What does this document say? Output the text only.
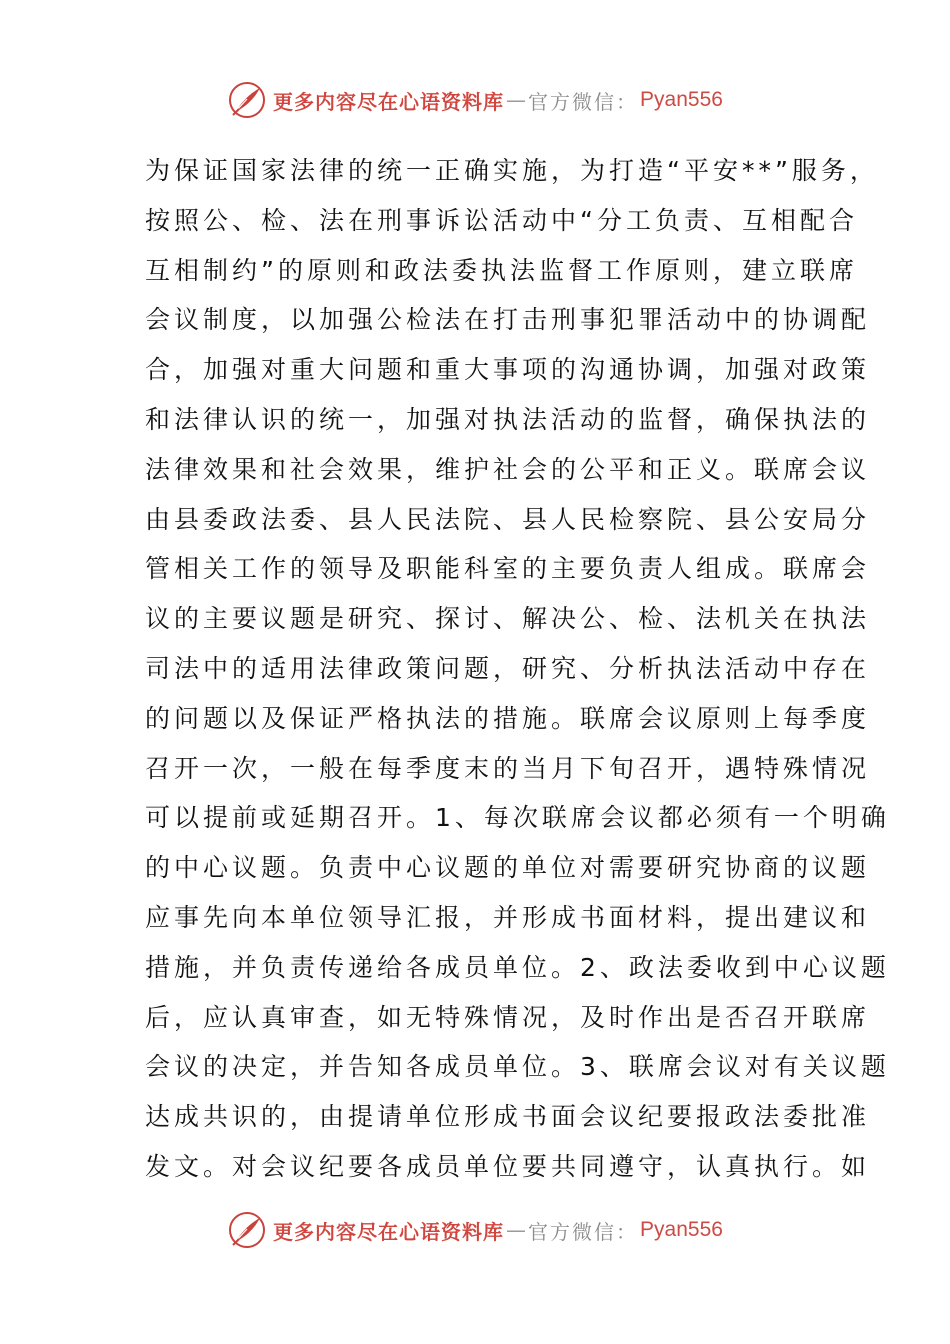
更多内容尽在心语资料库 — 官方微信： Pyan556
为保证国家法律的统一正确实施，为打造“平安**”服务，
按照公、检、法在刑事诉讼活动中“分工负责、互相配合
互相制约”的原则和政法委执法监督工作原则，建立联席
会议制度，以加强公检法在打击刑事犯罪活动中的协调配
合，加强对重大问题和重大事项的沟通协调，加强对政策
和法律认识的统一，加强对执法活动的监督，确保执法的
法律效果和社会效果，维护社会的公平和正义。联席会议
由县委政法委、县人民法院、县人民检察院、县公安局分
管相关工作的领导及职能科室的主要负责人组成。联席会
议的主要议题是研究、探讨、解决公、检、法机关在执法
司法中的适用法律政策问题，研究、分析执法活动中存在
的问题以及保证严格执法的措施。联席会议原则上每季度
召开一次，一般在每季度末的当月下旬召开，遇特殊情况
可以提前或延期召开。1、每次联席会议都必须有一个明确
的中心议题。负责中心议题的单位对需要研究协商的议题
应事先向本单位领导汇报，并形成书面材料，提出建议和
措施，并负责传递给各成员单位。2、政法委收到中心议题
后，应认真审查，如无特殊情况，及时作出是否召开联席
会议的决定，并告知各成员单位。3、联席会议对有关议题
达成共识的，由提请单位形成书面会议纪要报政法委批准
发文。对会议纪要各成员单位要共同遵守，认真执行。如
更多内容尽在心语资料库 — 官方微信： Pyan556
